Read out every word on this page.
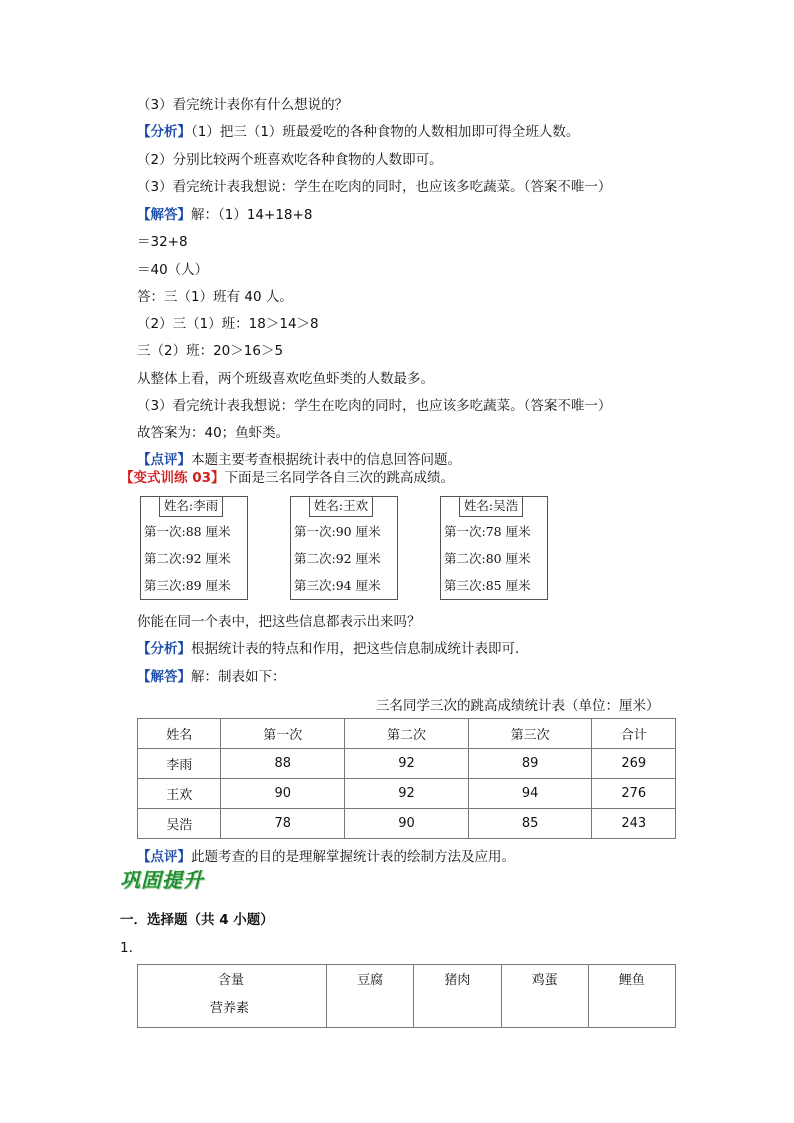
（3）看完统计表你有什么想说的？
【分析】（1）把三（1）班最爱吃的各种食物的人数相加即可得全班人数。
（2）分别比较两个班喜欢吃各种食物的人数即可。
（3）看完统计表我想说：学生在吃肉的同时，也应该多吃蔬菜。（答案不唯一）
【解答】解：（1）14+18+8
＝32+8
＝40（人）
答：三（1）班有 40 人。
（2）三（1）班：18＞14＞8
三（2）班：20＞16＞5
从整体上看，两个班级喜欢吃鱼虾类的人数最多。
（3）看完统计表我想说：学生在吃肉的同时，也应该多吃蔬菜。（答案不唯一）
故答案为：40；鱼虾类。
【点评】本题主要考查根据统计表中的信息回答问题。
【变式训练 03】下面是三名同学各自三次的跳高成绩。
姓名:李雨
第一次:88 厘米
第二次:92 厘米
第三次:89 厘米
姓名:王欢
第一次:90 厘米
第二次:92 厘米
第三次:94 厘米
姓名:吴浩
第一次:78 厘米
第二次:80 厘米
第三次:85 厘米
你能在同一个表中，把这些信息都表示出来吗？
【分析】根据统计表的特点和作用，把这些信息制成统计表即可．
【解答】解：制表如下：
三名同学三次的跳高成绩统计表（单位：厘米）
姓名	第一次	第二次	第三次	合计
李雨	88	92	89	269
王欢	90	92	94	276
吴浩	78	90	85	243
【点评】此题考查的目的是理解掌握统计表的绘制方法及应用。
巩固提升
一．选择题（共 4 小题）
1．
含量
营养素
	豆腐	猪肉	鸡蛋	鲤鱼
